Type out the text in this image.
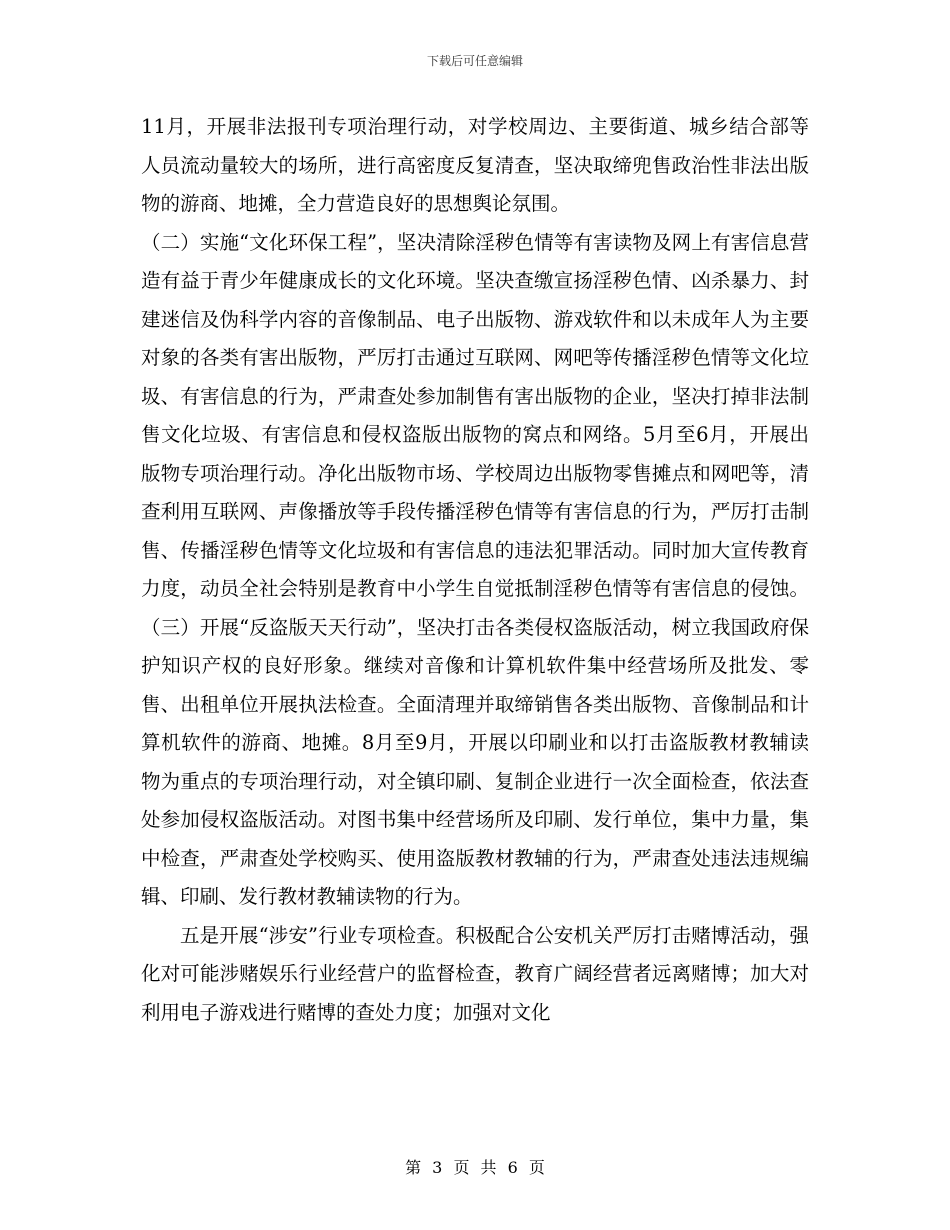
下载后可任意编辑

11月，开展非法报刊专项治理行动，对学校周边、主要街道、城乡结合部等人员流动量较大的场所，进行高密度反复清查，坚决取缔兜售政治性非法出版物的游商、地摊，全力营造良好的思想舆论氛围。

（二）实施“文化环保工程”，坚决清除淫秽色情等有害读物及网上有害信息营造有益于青少年健康成长的文化环境。坚决查缴宣扬淫秽色情、凶杀暴力、封建迷信及伪科学内容的音像制品、电子出版物、游戏软件和以未成年人为主要对象的各类有害出版物，严厉打击通过互联网、网吧等传播淫秽色情等文化垃圾、有害信息的行为，严肃查处参加制售有害出版物的企业，坚决打掉非法制售文化垃圾、有害信息和侵权盗版出版物的窝点和网络。5月至6月，开展出版物专项治理行动。净化出版物市场、学校周边出版物零售摊点和网吧等，清查利用互联网、声像播放等手段传播淫秽色情等有害信息的行为，严厉打击制售、传播淫秽色情等文化垃圾和有害信息的违法犯罪活动。同时加大宣传教育力度，动员全社会特别是教育中小学生自觉抵制淫秽色情等有害信息的侵蚀。（三）开展“反盗版天天行动”，坚决打击各类侵权盗版活动，树立我国政府保护知识产权的良好形象。继续对音像和计算机软件集中经营场所及批发、零售、出租单位开展执法检查。全面清理并取缔销售各类出版物、音像制品和计算机软件的游商、地摊。8月至9月，开展以印刷业和以打击盗版教材教辅读物为重点的专项治理行动，对全镇印刷、复制企业进行一次全面检查，依法查处参加侵权盗版活动。对图书集中经营场所及印刷、发行单位，集中力量，集中检查，严肃查处学校购买、使用盗版教材教辅的行为，严肃查处违法违规编辑、印刷、发行教材教辅读物的行为。

五是开展“涉安”行业专项检查。积极配合公安机关严厉打击赌博活动，强化对可能涉赌娱乐行业经营户的监督检查，教育广阔经营者远离赌博；加大对利用电子游戏进行赌博的查处力度；加强对文化

第 3 页 共 6 页
